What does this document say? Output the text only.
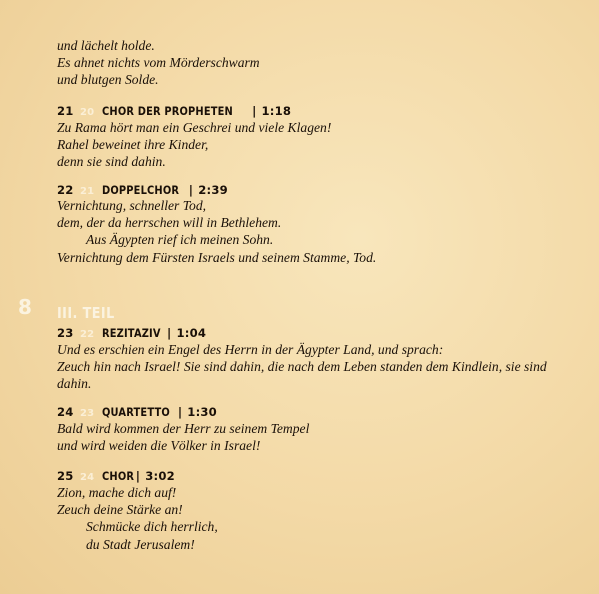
und lächelt holde.
Es ahnet nichts vom Mörderschwarm
und blutgen Solde.
21 20 CHOR DER PROPHETEN | 1:18
Zu Rama hört man ein Geschrei und viele Klagen!
Rahel beweinet ihre Kinder,
denn sie sind dahin.
22 21 DOPPELCHOR | 2:39
Vernichtung, schneller Tod,
dem, der da herrschen will in Bethlehem.
Aus Ägypten rief ich meinen Sohn.
Vernichtung dem Fürsten Israels und seinem Stamme, Tod.
8 III. TEIL
23 22 REZITAZIV | 1:04
Und es erschien ein Engel des Herrn in der Ägypter Land, und sprach:
Zeuch hin nach Israel! Sie sind dahin, die nach dem Leben standen dem Kindlein, sie sind dahin.
24 23 QUARTETTO | 1:30
Bald wird kommen der Herr zu seinem Tempel
und wird weiden die Völker in Israel!
25 24 CHOR | 3:02
Zion, mache dich auf!
Zeuch deine Stärke an!
Schmücke dich herrlich,
du Stadt Jerusalem!
